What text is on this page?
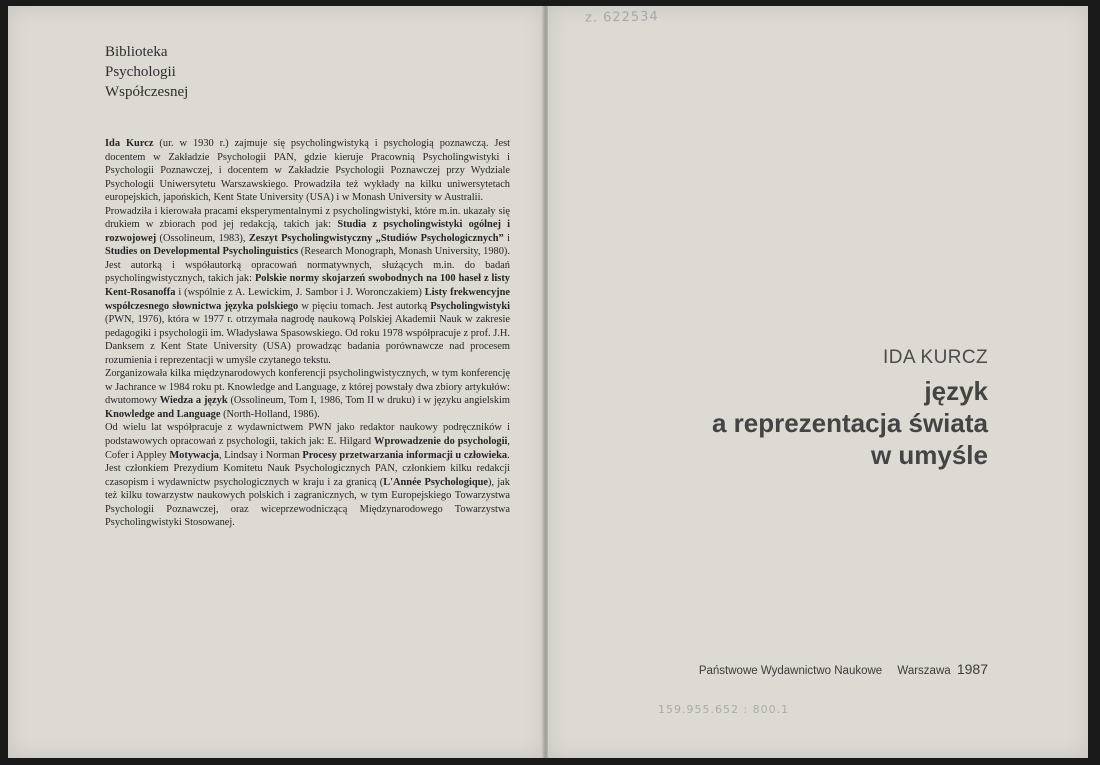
Biblioteka
Psychologii
Współczesnej

Ida Kurcz (ur. w 1930 r.) zajmuje się psycholingwistyką i psychologią poznawczą. Jest docentem w Zakładzie Psychologii PAN, gdzie kieruje Pracownią Psycholingwistyki i Psychologii Poznawczej, i docentem w Zakładzie Psychologii Poznawczej przy Wydziale Psychologii Uniwersytetu Warszawskiego. Prowadziła też wykłady na kilku uniwersytetach europejskich, japońskich, Kent State University (USA) i w Monash University w Australii.

Prowadziła i kierowała pracami eksperymentalnymi z psycholingwistyki, które m.in. ukazały się drukiem w zbiorach pod jej redakcją, takich jak: Studia z psycholingwistyki ogólnej i rozwojowej (Ossolineum, 1983), Zeszyt Psycholingwistyczny „Studiów Psychologicznych” i Studies on Developmental Psycholinguistics (Research Monograph, Monash University, 1980). Jest autorką i współautorką opracowań normatywnych, służących m.in. do badań psycholingwistycznych, takich jak: Polskie normy skojarzeń swobodnych na 100 haseł z listy Kent-Rosanoffa i (wspólnie z A. Lewickim, J. Sambor i J. Woronczakiem) Listy frekwencyjne współczesnego słownictwa języka polskiego w pięciu tomach. Jest autorką Psycholingwistyki (PWN, 1976), która w 1977 r. otrzymała nagrodę naukową Polskiej Akademii Nauk w zakresie pedagogiki i psychologii im. Władysława Spasowskiego. Od roku 1978 współpracuje z prof. J.H. Danksem z Kent State University (USA) prowadząc badania porównawcze nad procesem rozumienia i reprezentacji w umyśle czytanego tekstu.

Zorganizowała kilka międzynarodowych konferencji psycholingwistycznych, w tym konferencję w Jachrance w 1984 roku pt. Knowledge and Language, z której powstały dwa zbiory artykułów: dwutomowy Wiedza a język (Ossolineum, Tom I, 1986, Tom II w druku) i w języku angielskim Knowledge and Language (North-Holland, 1986).

Od wielu lat współpracuje z wydawnictwem PWN jako redaktor naukowy podręczników i podstawowych opracowań z psychologii, takich jak: E. Hilgard Wprowadzenie do psychologii, Cofer i Appley Motywacja, Lindsay i Norman Procesy przetwarzania informacji u człowieka.

Jest członkiem Prezydium Komitetu Nauk Psychologicznych PAN, członkiem kilku redakcji czasopism i wydawnictw psychologicznych w kraju i za granicą (L'Année Psychologique), jak też kilku towarzystw naukowych polskich i zagranicznych, w tym Europejskiego Towarzystwa Psychologii Poznawczej, oraz wiceprzewodniczącą Międzynarodowego Towarzystwa Psycholingwistyki Stosowanej.

z. 622534
IDA KURCZ
język
a reprezentacja świata
w umyśle
Państwowe Wydawnictwo Naukowe Warszawa 1987
159.955.652 : 800.1
